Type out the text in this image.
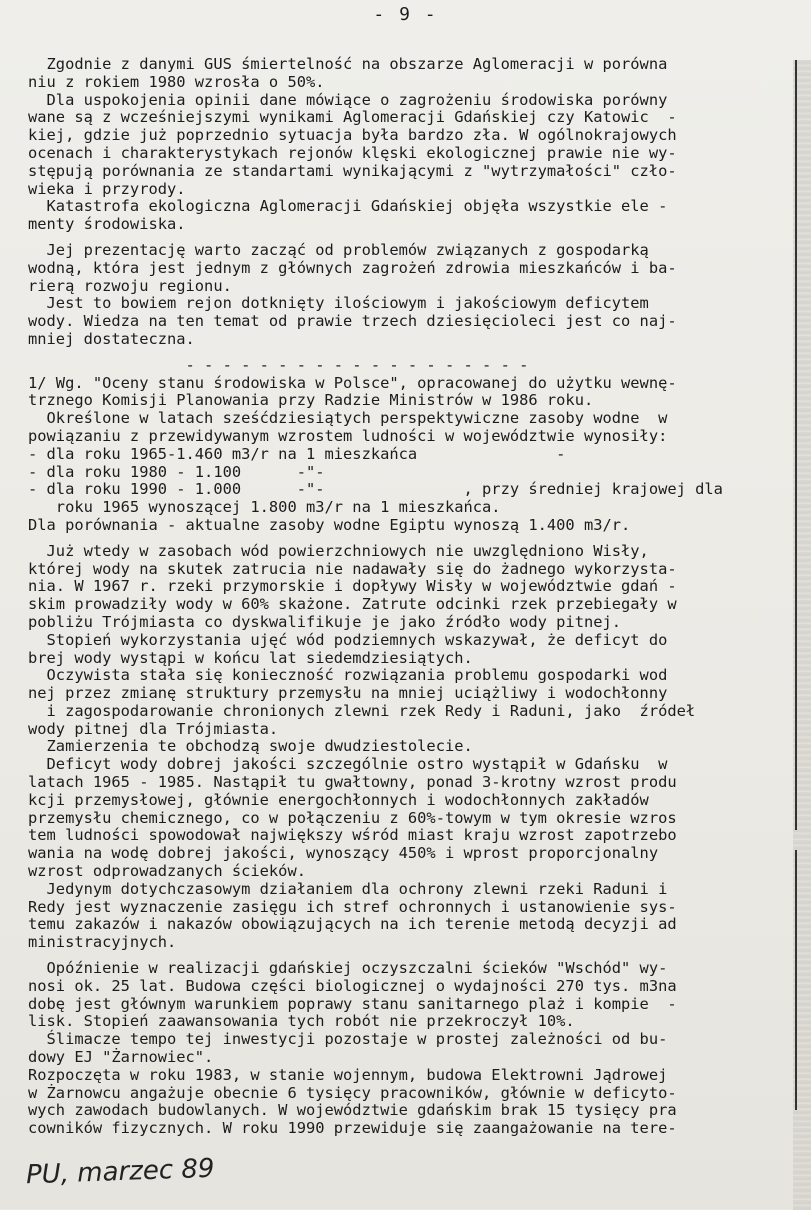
- 9 -
Zgodnie z danymi GUS śmiertelność na obszarze Aglomeracji w porówna
niu z rokiem 1980 wzrosła o 50%.
Dla uspokojenia opinii dane mówiące o zagrożeniu środowiska porówny
wane są z wcześniejszymi wynikami Aglomeracji Gdańskiej czy Katowic  -
kiej, gdzie już poprzednio sytuacja była bardzo zła. W ogólnokrajowych
ocenach i charakterystykach rejonów klęski ekologicznej prawie nie wy-
stępują porównania ze standartami wynikającymi z "wytrzymałości" czło-
wieka i przyrody.
Katastrofa ekologiczna Aglomeracji Gdańskiej objęła wszystkie ele -
menty środowiska.
Jej prezentację warto zacząć od problemów związanych z gospodarką
wodną, która jest jednym z głównych zagrożeń zdrowia mieszkańców i ba-
rierą rozwoju regionu.
Jest to bowiem rejon dotknięty ilościowym i jakościowym deficytem
wody. Wiedza na ten temat od prawie trzech dziesięcioleci jest co naj-
mniej dostateczna.
- - - - - - - - - - - - - - - - - - -
1/ Wg. "Oceny stanu środowiska w Polsce", opracowanej do użytku wewnę-
trznego Komisji Planowania przy Radzie Ministrów w 1986 roku.
Określone w latach sześćdziesiątych perspektywiczne zasoby wodne  w
powiązaniu z przewidywanym wzrostem ludności w województwie wynosiły:
- dla roku 1965-1.460 m3/r na 1 mieszkańca               -
- dla roku 1980 - 1.100      -"-
- dla roku 1990 - 1.000      -"-               , przy średniej krajowej dla
roku 1965 wynoszącej 1.800 m3/r na 1 mieszkańca.
Dla porównania - aktualne zasoby wodne Egiptu wynoszą 1.400 m3/r.
Już wtedy w zasobach wód powierzchniowych nie uwzględniono Wisły,
której wody na skutek zatrucia nie nadawały się do żadnego wykorzysta-
nia. W 1967 r. rzeki przymorskie i dopływy Wisły w województwie gdań -
skim prowadziły wody w 60% skażone. Zatrute odcinki rzek przebiegały w
pobliżu Trójmiasta co dyskwalifikuje je jako źródło wody pitnej.
Stopień wykorzystania ujęć wód podziemnych wskazywał, że deficyt do
brej wody wystąpi w końcu lat siedemdziesiątych.
Oczywista stała się konieczność rozwiązania problemu gospodarki wod
nej przez zmianę struktury przemysłu na mniej uciążliwy i wodochłonny
i zagospodarowanie chronionych zlewni rzek Redy i Raduni, jako  źródeł
wody pitnej dla Trójmiasta.
Zamierzenia te obchodzą swoje dwudziestolecie.
Deficyt wody dobrej jakości szczególnie ostro wystąpił w Gdańsku  w
latach 1965 - 1985. Nastąpił tu gwałtowny, ponad 3-krotny wzrost produ
kcji przemysłowej, głównie energochłonnych i wodochłonnych zakładów
przemysłu chemicznego, co w połączeniu z 60%-towym w tym okresie wzros
tem ludności spowodował największy wśród miast kraju wzrost zapotrzebo
wania na wodę dobrej jakości, wynoszący 450% i wprost proporcjonalny
wzrost odprowadzanych ścieków.
Jedynym dotychczasowym działaniem dla ochrony zlewni rzeki Raduni i
Redy jest wyznaczenie zasięgu ich stref ochronnych i ustanowienie sys-
temu zakazów i nakazów obowiązujących na ich terenie metodą decyzji ad
ministracyjnych.
Opóźnienie w realizacji gdańskiej oczyszczalni ścieków "Wschód" wy-
nosi ok. 25 lat. Budowa części biologicznej o wydajności 270 tys. m3na
dobę jest głównym warunkiem poprawy stanu sanitarnego plaż i kompie  -
lisk. Stopień zaawansowania tych robót nie przekroczył 10%.
Ślimacze tempo tej inwestycji pozostaje w prostej zależności od bu-
dowy EJ "Żarnowiec".
Rozpoczęta w roku 1983, w stanie wojennym, budowa Elektrowni Jądrowej
w Żarnowcu angażuje obecnie 6 tysięcy pracowników, głównie w deficyto-
wych zawodach budowlanych. W województwie gdańskim brak 15 tysięcy pra
cowników fizycznych. W roku 1990 przewiduje się zaangażowanie na tere-
PU, marzec 89
